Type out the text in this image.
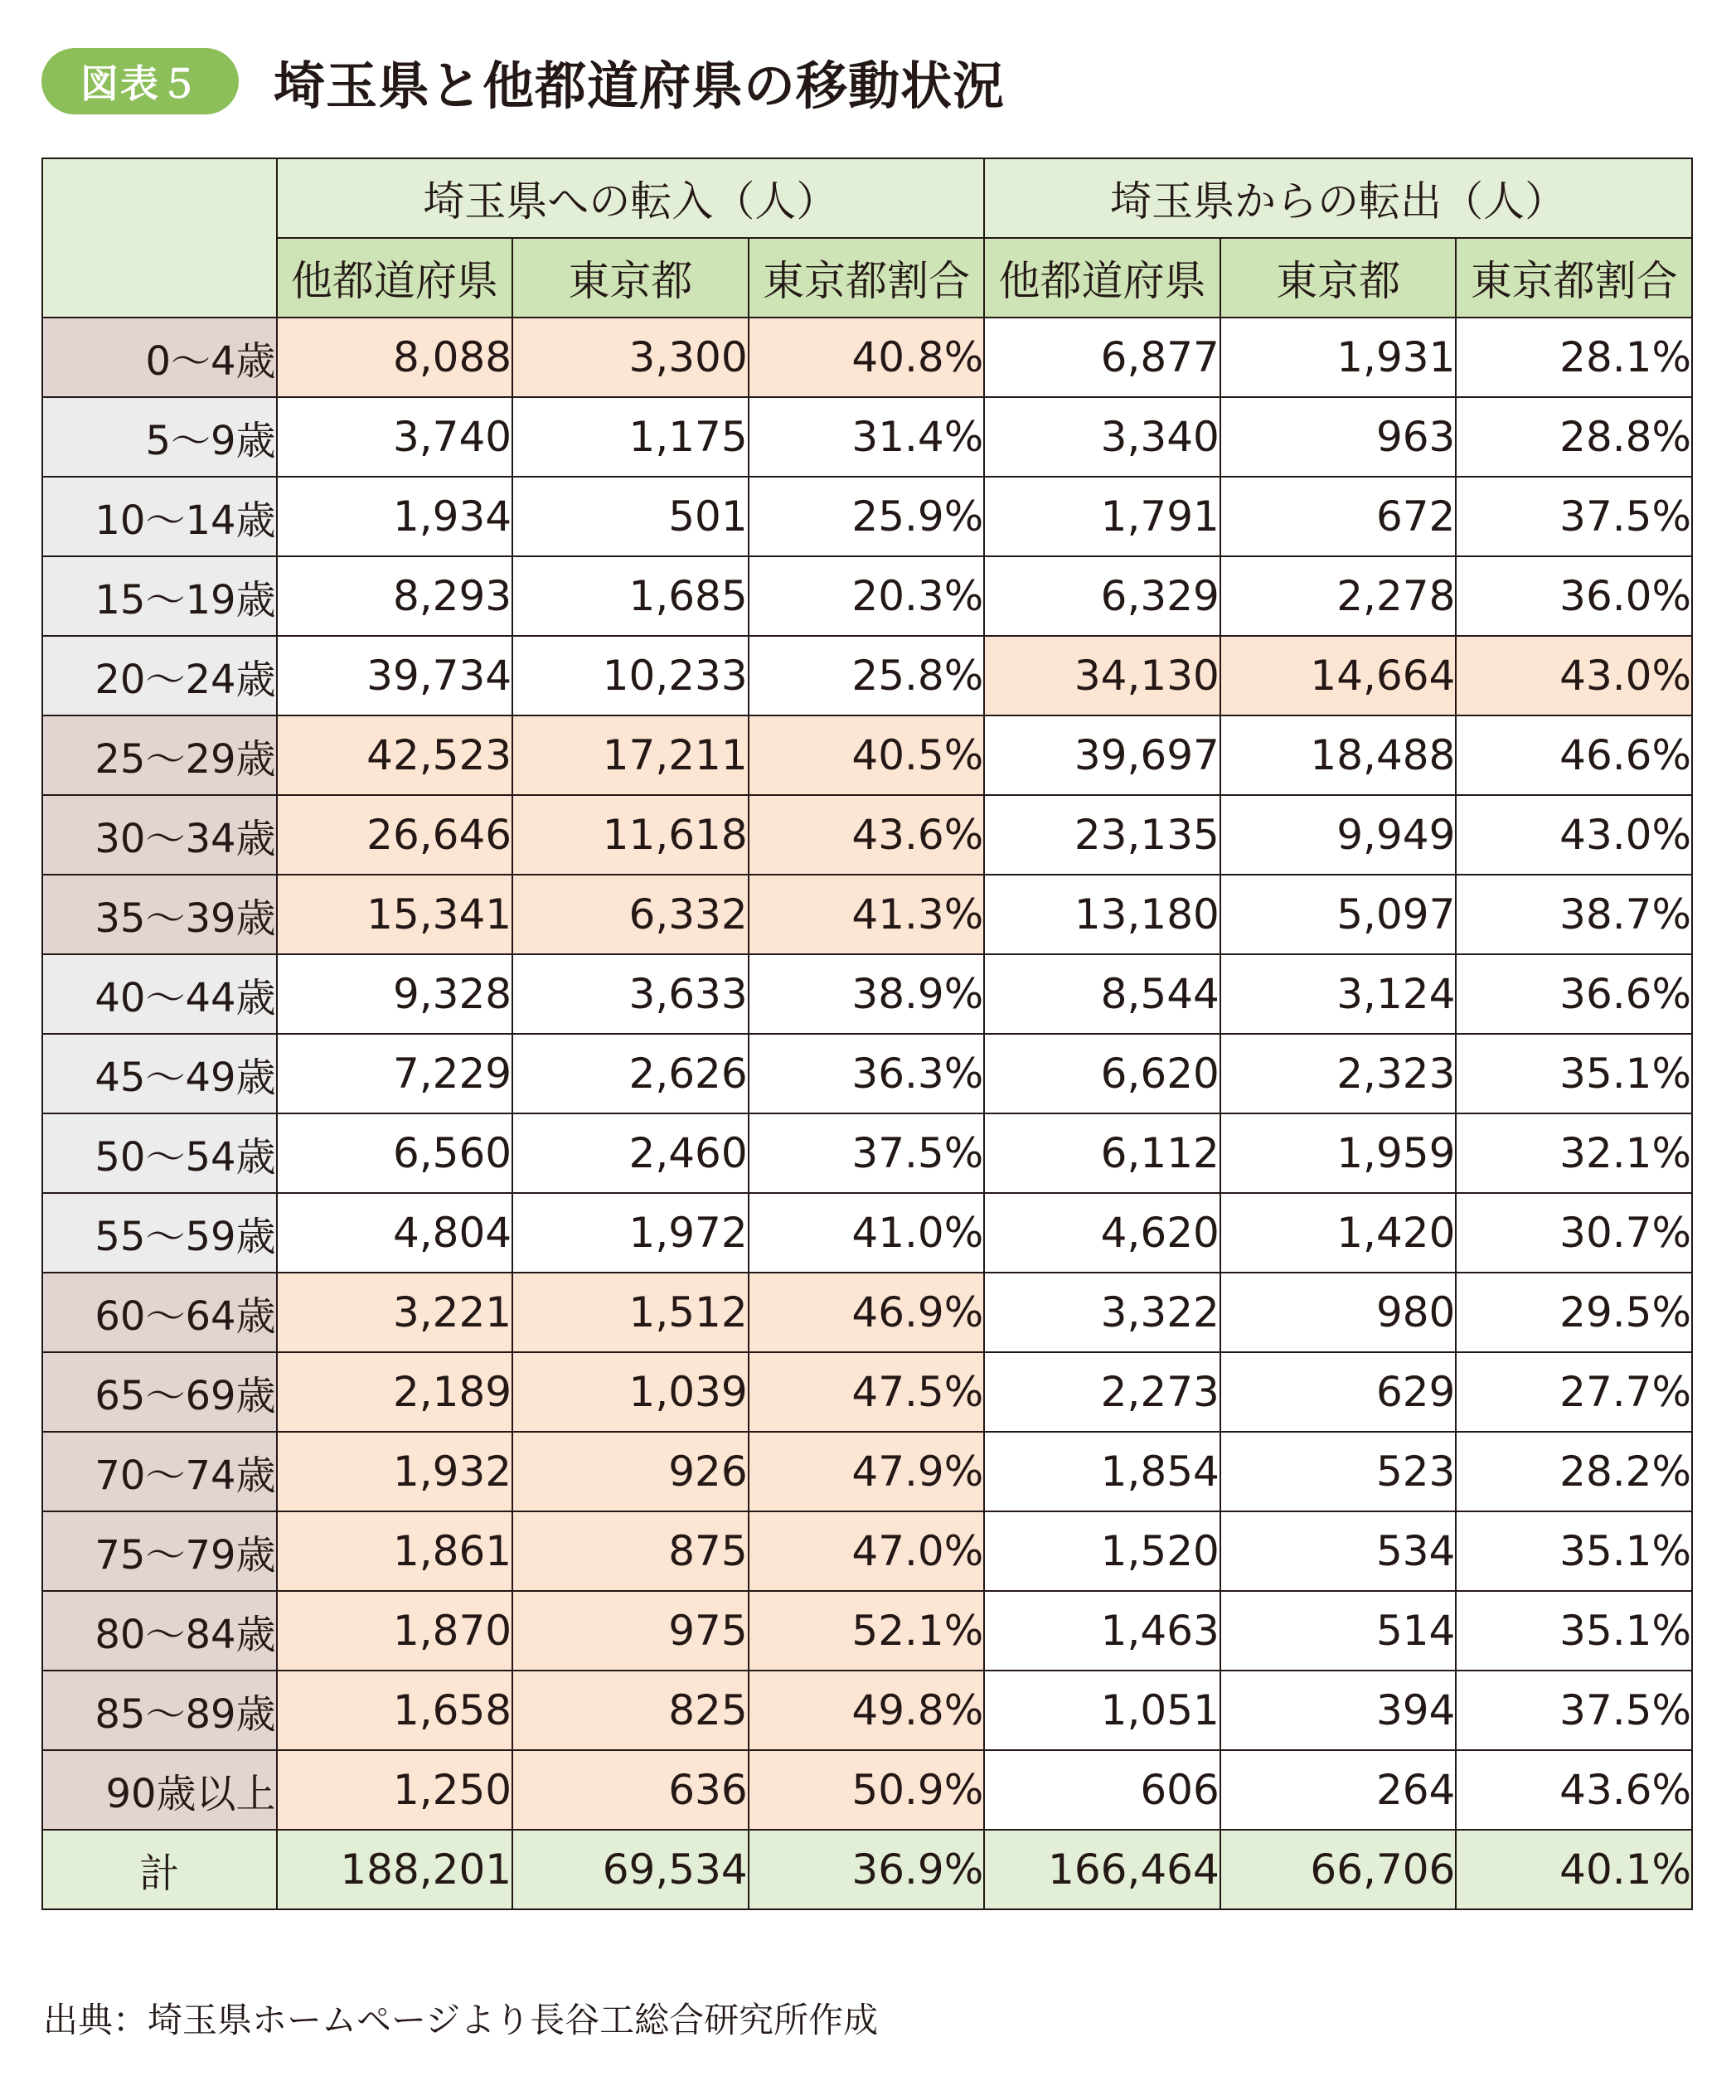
図表５	埼玉県と他都道府県の移動状況
	埼玉県への転入（人）			埼玉県からの転出（人）		
	他都道府県	東京都	東京都割合	他都道府県	東京都	東京都割合
0～4歳	8,088	3,300	40.8%	6,877	1,931	28.1%
5～9歳	3,740	1,175	31.4%	3,340	963	28.8%
10～14歳	1,934	501	25.9%	1,791	672	37.5%
15～19歳	8,293	1,685	20.3%	6,329	2,278	36.0%
20～24歳	39,734	10,233	25.8%	34,130	14,664	43.0%
25～29歳	42,523	17,211	40.5%	39,697	18,488	46.6%
30～34歳	26,646	11,618	43.6%	23,135	9,949	43.0%
35～39歳	15,341	6,332	41.3%	13,180	5,097	38.7%
40～44歳	9,328	3,633	38.9%	8,544	3,124	36.6%
45～49歳	7,229	2,626	36.3%	6,620	2,323	35.1%
50～54歳	6,560	2,460	37.5%	6,112	1,959	32.1%
55～59歳	4,804	1,972	41.0%	4,620	1,420	30.7%
60～64歳	3,221	1,512	46.9%	3,322	980	29.5%
65～69歳	2,189	1,039	47.5%	2,273	629	27.7%
70～74歳	1,932	926	47.9%	1,854	523	28.2%
75～79歳	1,861	875	47.0%	1,520	534	35.1%
80～84歳	1,870	975	52.1%	1,463	514	35.1%
85～89歳	1,658	825	49.8%	1,051	394	37.5%
90歳以上	1,250	636	50.9%	606	264	43.6%
計	188,201	69,534	36.9%	166,464	66,706	40.1%
出典：埼玉県ホームページより長谷工総合研究所作成
